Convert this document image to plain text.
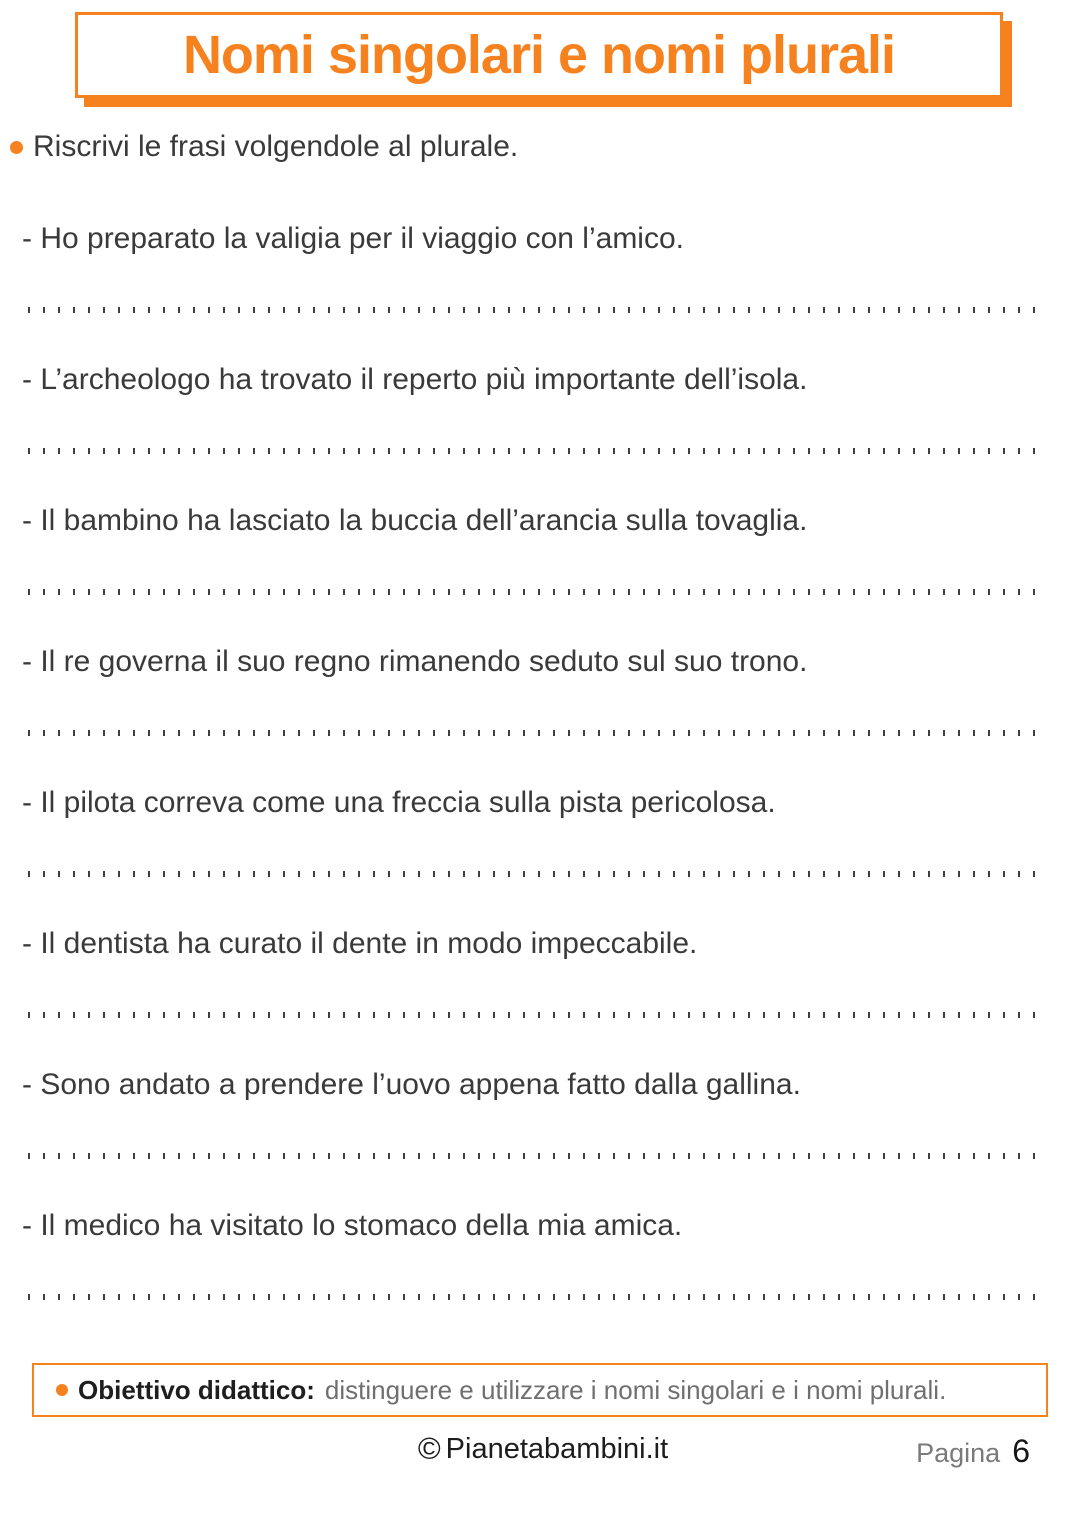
Nomi singolari e nomi plurali
Riscrivi le frasi volgendole al plurale.
- Ho preparato la valigia per il viaggio con l’amico.
- L’archeologo ha trovato il reperto più importante dell’isola.
- Il bambino ha lasciato la buccia dell’arancia sulla tovaglia.
- Il re governa il suo regno rimanendo seduto sul suo trono.
- Il pilota correva come una freccia sulla pista pericolosa.
- Il dentista ha curato il dente in modo impeccabile.
- Sono andato a prendere l’uovo appena fatto dalla gallina.
- Il medico ha visitato lo stomaco della mia amica.
Obiettivo didattico: distinguere e utilizzare i nomi singolari e i nomi plurali.
© Pianetabambini.it	Pagina 6
